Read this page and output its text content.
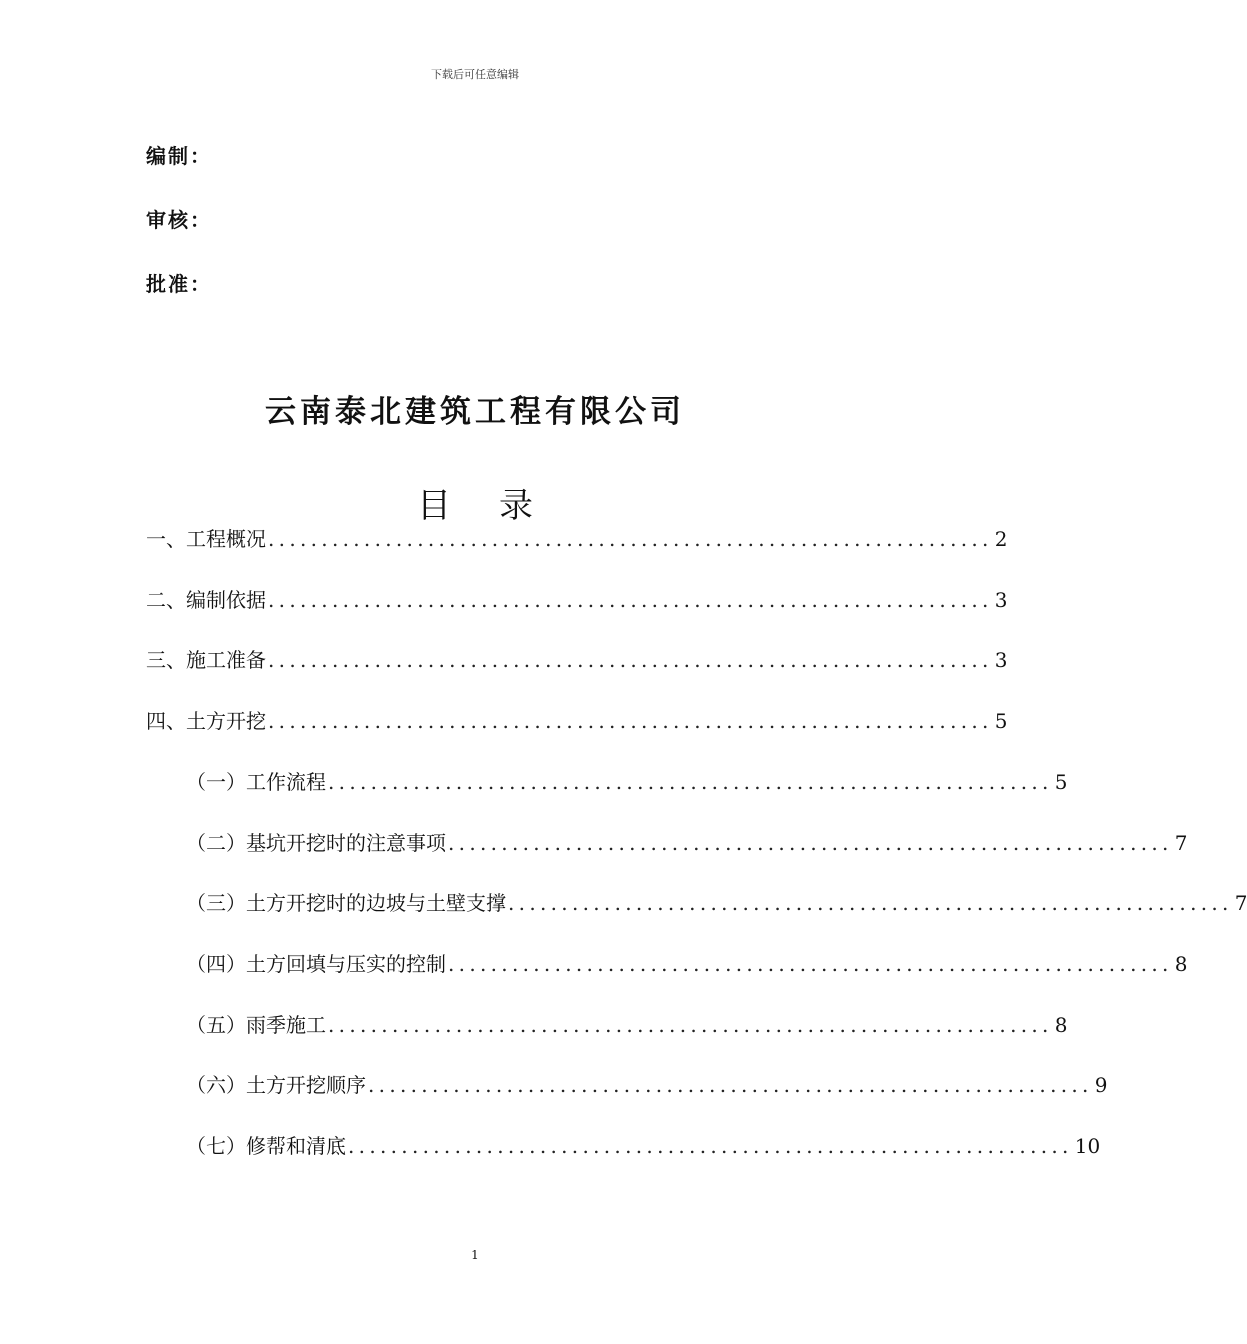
下载后可任意编辑
编制：
审核：
批准：
云南泰北建筑工程有限公司
目 录
一、工程概况 .................................................................... 2
二、编制依据 .................................................................... 3
三、施工准备 .................................................................... 3
四、土方开挖 .................................................................... 5
（一）工作流程 .................................................................... 5
（二）基坑开挖时的注意事项 .................................................................... 7
（三）土方开挖时的边坡与土壁支撑 .................................................................... 7
（四）土方回填与压实的控制 .................................................................... 8
（五）雨季施工 .................................................................... 8
（六）土方开挖顺序 .................................................................... 9
（七）修帮和清底 .................................................................... 10
1
